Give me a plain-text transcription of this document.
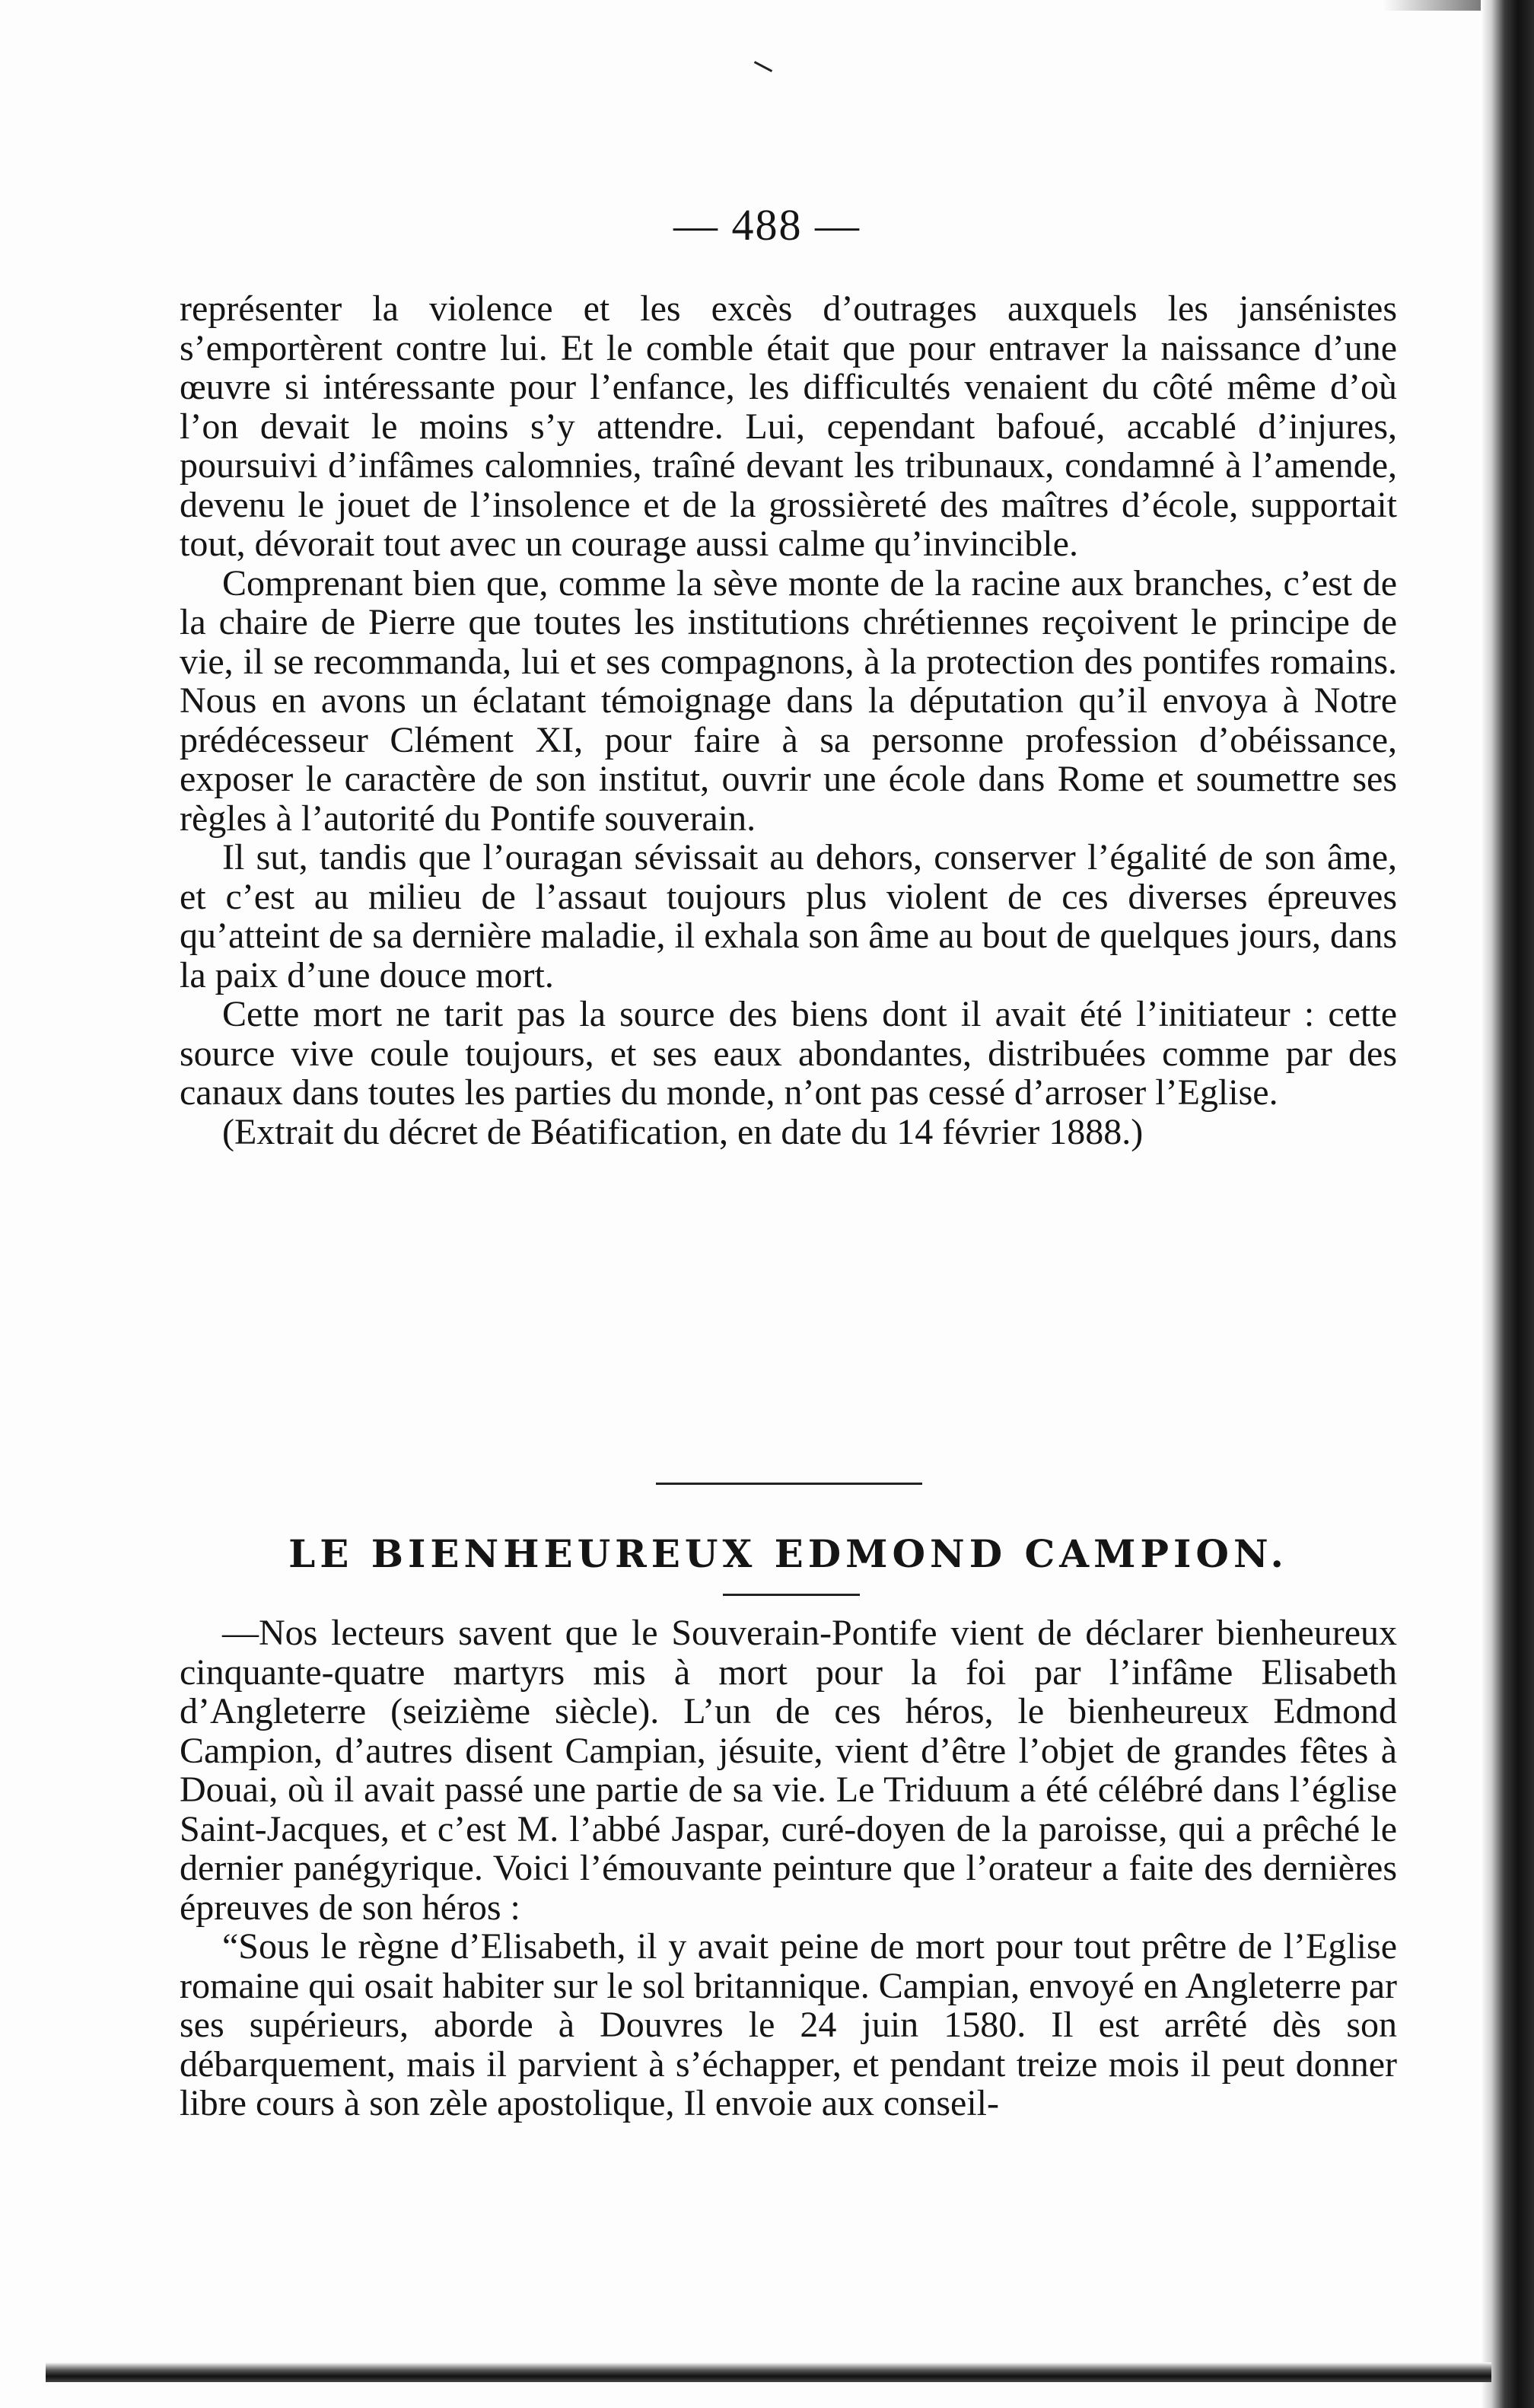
— 488 —

représenter la violence et les excès d’outrages auxquels les jansénistes s’emportèrent contre lui. Et le comble était que pour entraver la naissance d’une œuvre si intéressante pour l’enfance, les difficultés venaient du côté même d’où l’on devait le moins s’y attendre. Lui, cependant bafoué, accablé d’injures, poursuivi d’infâmes calomnies, traîné devant les tribunaux, condamné à l’amende, devenu le jouet de l’insolence et de la grossièreté des maîtres d’école, supportait tout, dévorait tout avec un courage aussi calme qu’invincible.

Comprenant bien que, comme la sève monte de la racine aux branches, c’est de la chaire de Pierre que toutes les institutions chrétiennes reçoivent le principe de vie, il se recommanda, lui et ses compagnons, à la protection des pontifes romains. Nous en avons un éclatant témoignage dans la députation qu’il envoya à Notre prédécesseur Clément XI, pour faire à sa personne profession d’obéissance, exposer le caractère de son institut, ouvrir une école dans Rome et soumettre ses règles à l’autorité du Pontife souverain.

Il sut, tandis que l’ouragan sévissait au dehors, conserver l’égalité de son âme, et c’est au milieu de l’assaut toujours plus violent de ces diverses épreuves qu’atteint de sa dernière maladie, il exhala son âme au bout de quelques jours, dans la paix d’une douce mort.

Cette mort ne tarit pas la source des biens dont il avait été l’initiateur : cette source vive coule toujours, et ses eaux abondantes, distribuées comme par des canaux dans toutes les parties du monde, n’ont pas cessé d’arroser l’Eglise.

(Extrait du décret de Béatification, en date du 14 février 1888.)

LE BIENHEUREUX EDMOND CAMPION.

—Nos lecteurs savent que le Souverain-Pontife vient de déclarer bienheureux cinquante-quatre martyrs mis à mort pour la foi par l’infâme Elisabeth d’Angleterre (seizième siècle). L’un de ces héros, le bienheureux Edmond Campion, d’autres disent Campian, jésuite, vient d’être l’objet de grandes fêtes à Douai, où il avait passé une partie de sa vie. Le Triduum a été célébré dans l’église Saint-Jacques, et c’est M. l’abbé Jaspar, curé-doyen de la paroisse, qui a prêché le dernier panégyrique. Voici l’émouvante peinture que l’orateur a faite des dernières épreuves de son héros :

“Sous le règne d’Elisabeth, il y avait peine de mort pour tout prêtre de l’Eglise romaine qui osait habiter sur le sol britannique. Campian, envoyé en Angleterre par ses supérieurs, aborde à Douvres le 24 juin 1580. Il est arrêté dès son débarquement, mais il parvient à s’échapper, et pendant treize mois il peut donner libre cours à son zèle apostolique, Il envoie aux conseil-
